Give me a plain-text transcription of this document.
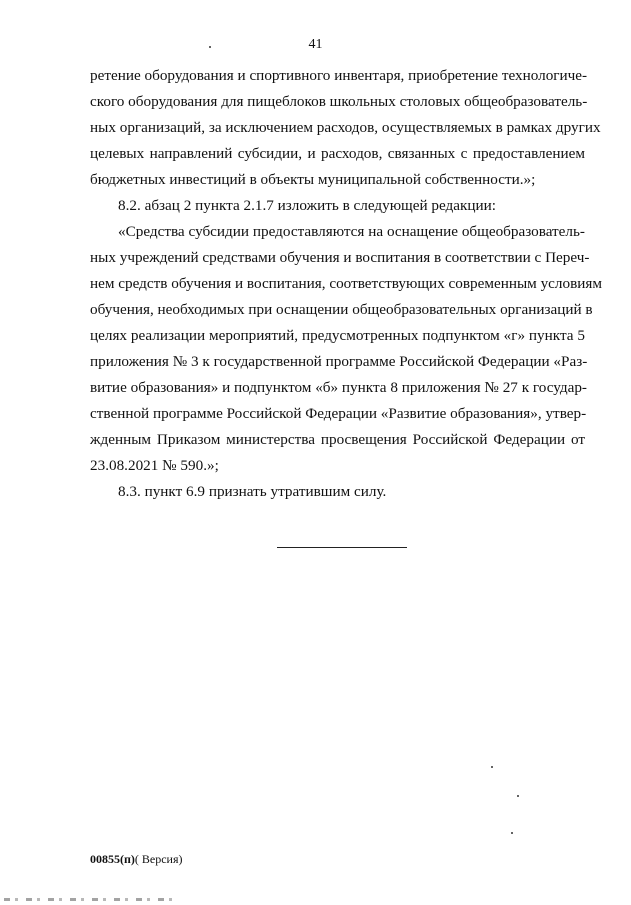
41
ретение оборудования и спортивного инвентаря, приобретение технологиче-
ского оборудования для пищеблоков школьных столовых общеобразователь-
ных организаций, за исключением расходов, осуществляемых в рамках других
целевых направлений субсидии, и расходов, связанных с предоставлением
бюджетных инвестиций в объекты муниципальной собственности.»;
8.2. абзац 2 пункта 2.1.7 изложить в следующей редакции:
«Средства субсидии предоставляются на оснащение общеобразователь-
ных учреждений средствами обучения и воспитания в соответствии с Переч-
нем средств обучения и воспитания, соответствующих современным условиям
обучения, необходимых при оснащении общеобразовательных организаций в
целях реализации мероприятий, предусмотренных подпунктом «г» пункта 5
приложения № 3 к государственной программе Российской Федерации «Раз-
витие образования» и подпунктом «б» пункта 8 приложения № 27 к государ-
ственной программе Российской Федерации «Развитие образования», утвер-
жденным Приказом министерства просвещения Российской Федерации от
23.08.2021 № 590.»;
8.3. пункт 6.9 признать утратившим силу.
00855(п)( Версия)
